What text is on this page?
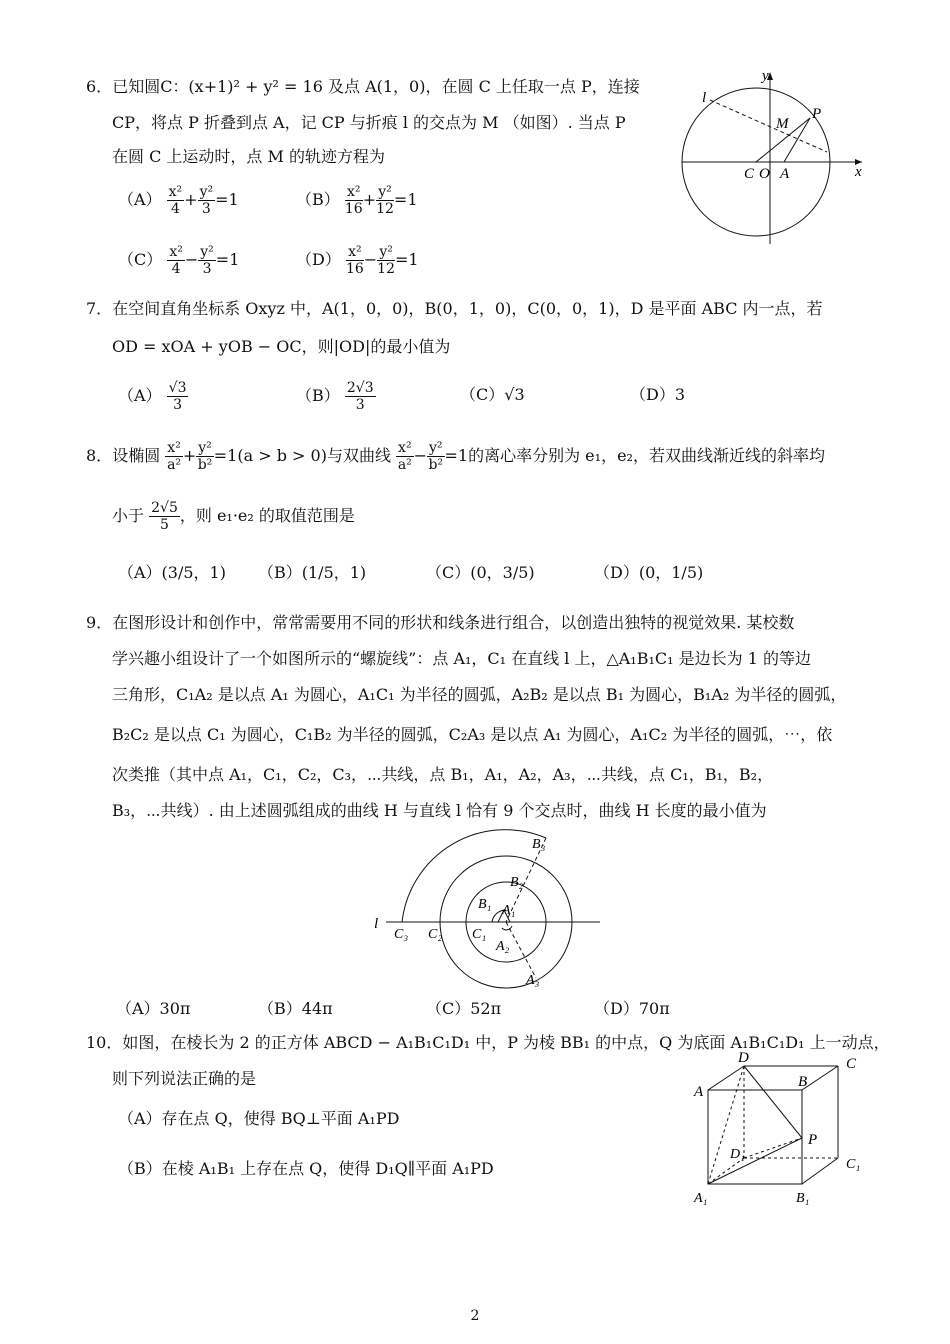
6．已知圆C：(x+1)² + y² = 16 及点 A(1，0)，在圆 C 上任取一点 P，连接
CP，将点 P 折叠到点 A，记 CP 与折痕 l 的交点为 M （如图）. 当点 P
在圆 C 上运动时，点 M 的轨迹方程为
$(A) \frac{\text{x²}}{4} + \frac{\text{y²}}{3} =1$	$(B) \frac{\text{x²}}{16} + \frac{\text{y²}}{12} =1$
$(C) \frac{\text{x²}}{4} - \frac{\text{y²}}{3} =1$	$(D) \frac{\text{x²}}{16} - \frac{\text{y²}}{12} =1$
y
x
l
M
P
C O A
7．在空间直角坐标系 Oxyz 中，A(1，0，0)，B(0，1，0)，C(0，0，1)，D 是平面 ABC 内一点，若
OD = xOA + yOB − OC，则|OD|的最小值为
$(A) \frac{√3}{3}$	$(B) \frac{2√3}{3}$	（C）√3	（D）3
8．设椭圆 $\frac{\text{x²}}{\text{a²}} + \frac{\text{y²}}{\text{b²}} =1(a > b > 0)$与双曲线 $\frac{\text{x²}}{\text{a²}} - \frac{\text{y²}}{\text{b²}} =1$的离心率分别为 e₁，e₂，若双曲线渐近线的斜率均
小于 $\frac{2√5}{5}$ ，则 e₁·e₂ 的取值范围是
（A）(3/5，1) （B）(1/5，1)	（C）(0，3/5)	（D）(0，1/5)
9．在图形设计和创作中，常常需要用不同的形状和线条进行组合，以创造出独特的视觉效果. 某校数
学兴趣小组设计了一个如图所示的“螺旋线”：点 A₁，C₁ 在直线 l 上，△A₁B₁C₁ 是边长为 1 的等边
三角形，C₁A₂ 是以点 A₁ 为圆心，A₁C₁ 为半径的圆弧，A₂B₂ 是以点 B₁ 为圆心，B₁A₂ 为半径的圆弧，
B₂C₂ 是以点 C₁ 为圆心，C₁B₂ 为半径的圆弧，C₂A₃ 是以点 A₁ 为圆心，A₁C₂ 为半径的圆弧，⋯，依
次类推（其中点 A₁，C₁，C₂，C₃，⋯共线，点 B₁，A₁，A₂，A₃，⋯共线，点 C₁，B₁，B₂，
B₃，⋯共线）. 由上述圆弧组成的曲线 H 与直线 l 恰有 9 个交点时，曲线 H 长度的最小值为
l
C₃ C₂ C₁
B₁ A₁
B₂
B₃
A₂
A₃
（A）30π	（B）44π	（C）52π	（D）70π
10．如图，在棱长为 2 的正方体 ABCD − A₁B₁C₁D₁ 中，P 为棱 BB₁ 的中点，Q 为底面 A₁B₁C₁D₁ 上一动点，
则下列说法正确的是
（A）存在点 Q，使得 BQ⊥平面 A₁PD
（B）在棱 A₁B₁ 上存在点 Q，使得 D₁Q∥平面 A₁PD
D	C
A
B
P
D₁
C₁
A₁	B₁
2
